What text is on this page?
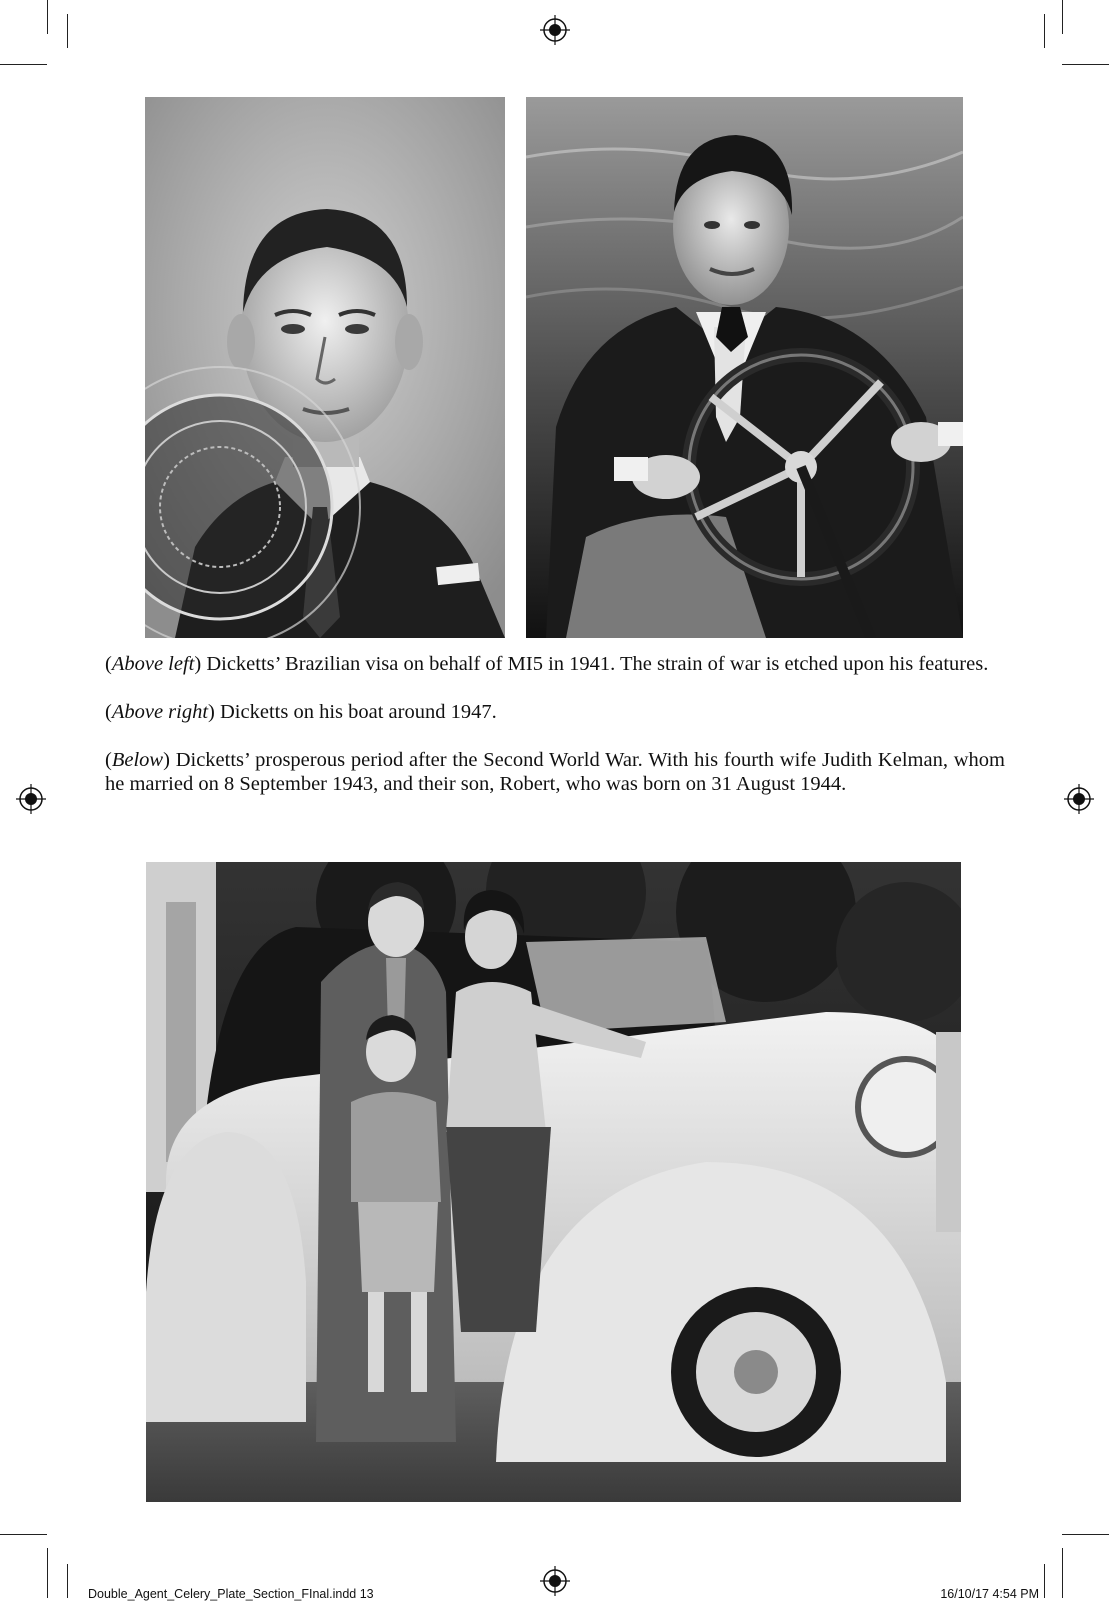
(Above left) Dicketts’ Brazilian visa on behalf of MI5 in 1941. The strain of war is etched upon his features.

(Above right) Dicketts on his boat around 1947.

(Below) Dicketts’ prosperous period after the Second World War. With his fourth wife Judith Kelman, whom he married on 8 September 1943, and their son, Robert, who was born on 31 August 1944.

Double_Agent_Celery_Plate_Section_FInal.indd 13	16/10/17 4:54 PM
